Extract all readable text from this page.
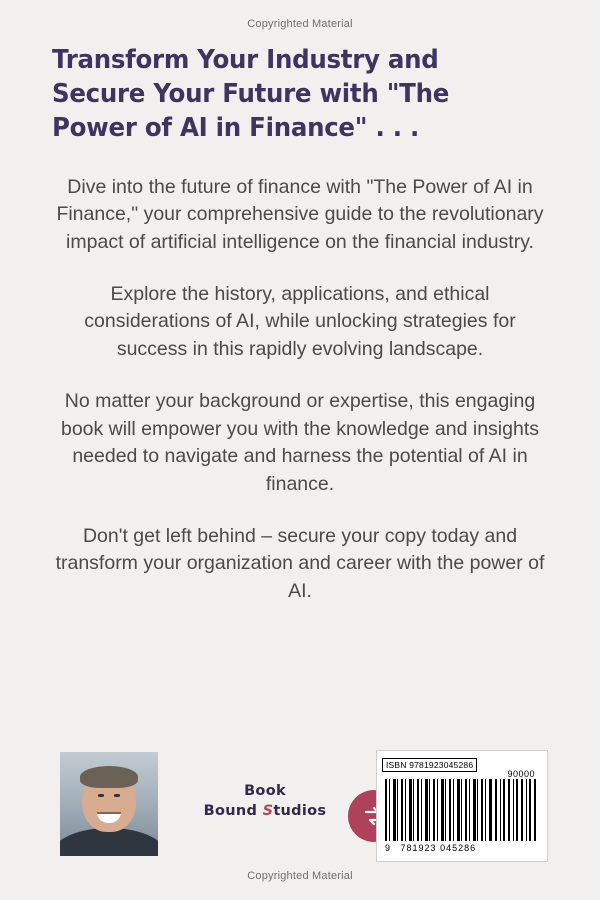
Copyrighted Material
Transform Your Industry and Secure Your Future with "The Power of AI in Finance" . . .

Dive into the future of finance with "The Power of AI in Finance," your comprehensive guide to the revolutionary impact of artificial intelligence on the financial industry.

Explore the history, applications, and ethical considerations of AI, while unlocking strategies for success in this rapidly evolving landscape.

No matter your background or expertise, this engaging book will empower you with the knowledge and insights needed to navigate and harness the potential of AI in finance.

Don't get left behind – secure your copy today and transform your organization and career with the power of AI.

Book
Bound Studios
ISBN 9781923045286
90000
9 781923 045286
Copyrighted Material
